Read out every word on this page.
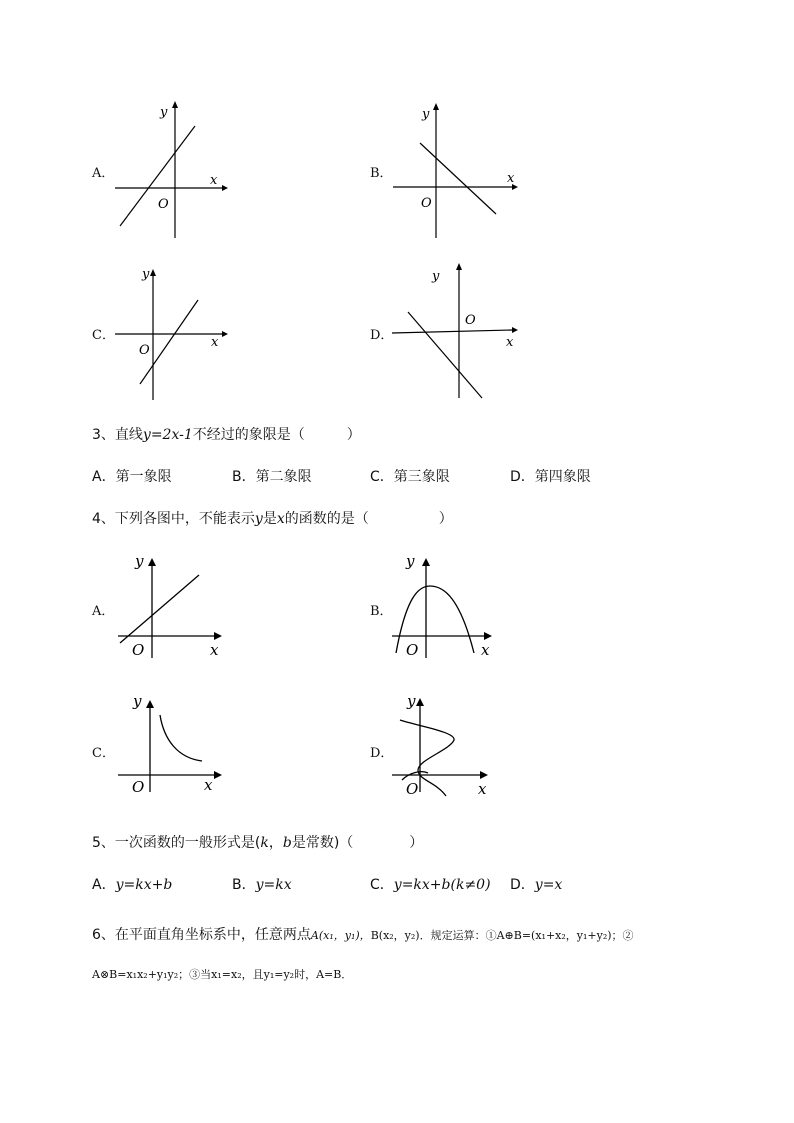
A．
y
x
O
B．
y
x
O
C．
y
x
O
D．
y
x
O
3、直线y=2x-1不经过的象限是（　　　）
A．第一象限	B．第二象限	C．第三象限	D．第四象限
4、下列各图中，不能表示y是x的函数的是（　　　　　）
A．
y
x
O
B．
y
x
O
C．
y
x
O
D．
y
x
O
5、一次函数的一般形式是(k，b是常数)（　　　　）
A．y=kx+b	B．y=kx	C．y=kx+b(k≠0) D．y=x
6、在平面直角坐标系中，任意两点A(x₁，y₁)，B(x₂，y₂)．规定运算：①A⊕B=(x₁+x₂，y₁+y₂)；②
A⊗B=x₁x₂+y₁y₂；③当x₁=x₂，且y₁=y₂时，A=B．
